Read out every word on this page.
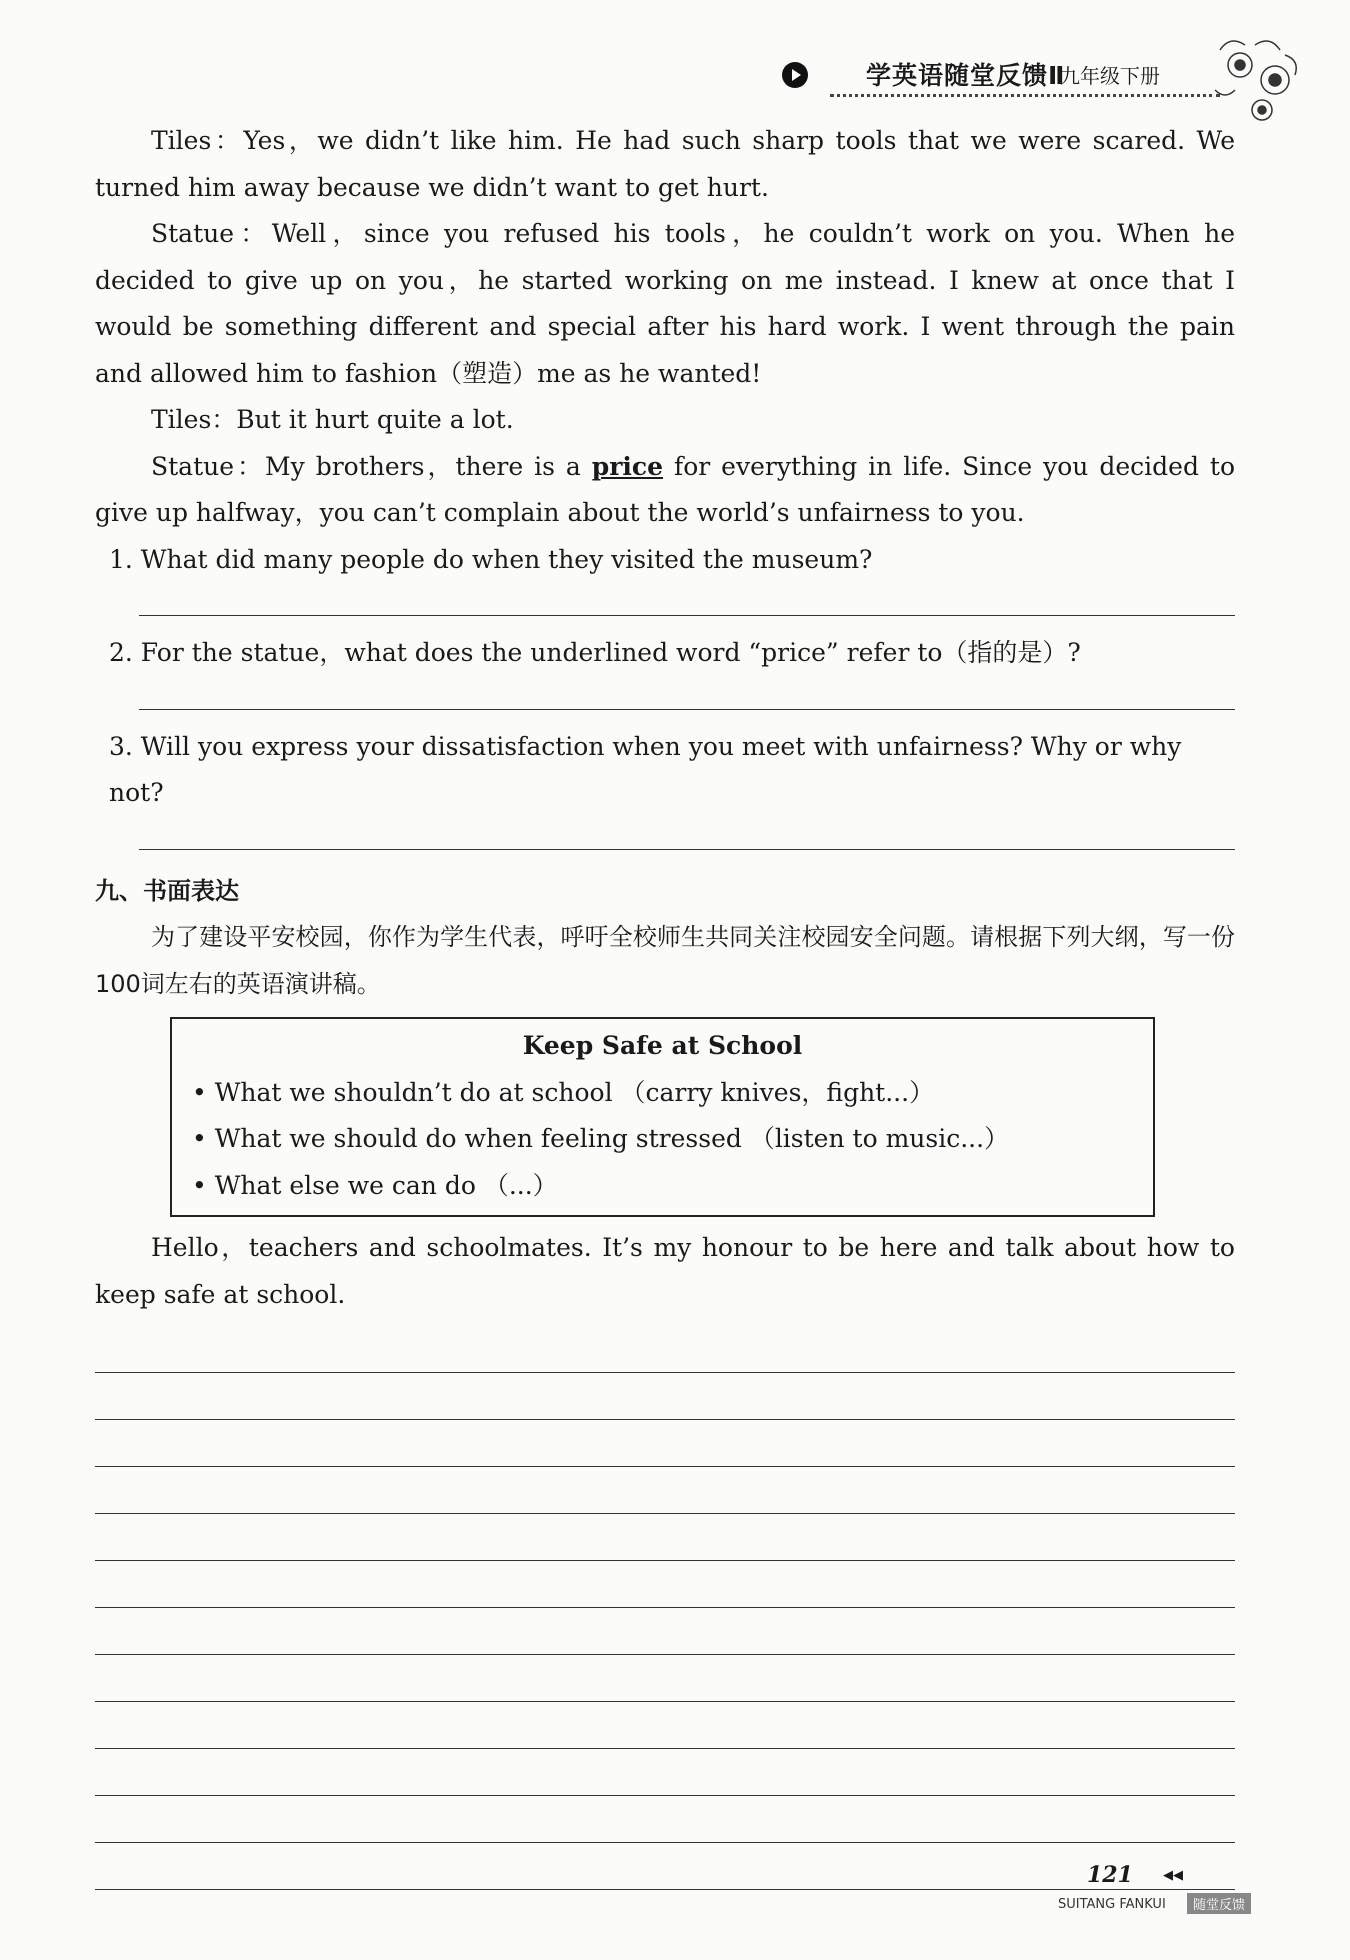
学英语随堂反馈Ⅱ
九年级下册

Tiles：Yes，we didn’t like him. He had such sharp tools that we were scared. We turned him away because we didn’t want to get hurt.

Statue：Well，since you refused his tools，he couldn’t work on you. When he decided to give up on you，he started working on me instead. I knew at once that I would be something different and special after his hard work. I went through the pain and allowed him to fashion（塑造）me as he wanted!

Tiles：But it hurt quite a lot.

Statue：My brothers，there is a price for everything in life. Since you decided to give up halfway，you can’t complain about the world’s unfairness to you.

1. What did many people do when they visited the museum?

2. For the statue，what does the underlined word “price” refer to（指的是）?

3. Will you express your dissatisfaction when you meet with unfairness? Why or why not?

九、书面表达

为了建设平安校园，你作为学生代表，呼吁全校师生共同关注校园安全问题。请根据下列大纲，写一份100词左右的英语演讲稿。

Keep Safe at School
• What we shouldn’t do at school （carry knives，fight...）
• What we should do when feeling stressed （listen to music...）
• What else we can do （...）

Hello，teachers and schoolmates. It’s my honour to be here and talk about how to keep safe at school.

121 ◀◀
SUITANG FANKUI	随堂反馈
